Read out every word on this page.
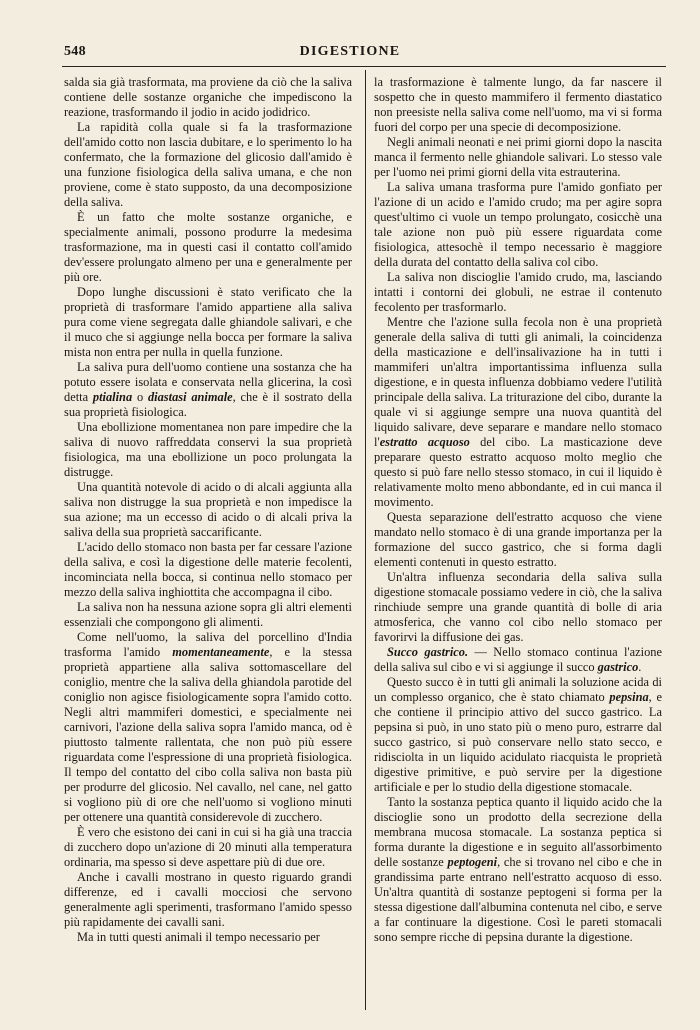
548	DIGESTIONE

salda sia già trasformata, ma proviene da ciò che la saliva contiene delle sostanze organiche che impediscono la reazione, trasformando il jodio in acido jodidrico.

La rapidità colla quale si fa la trasformazione dell'amido cotto non lascia dubitare, e lo sperimento lo ha confermato, che la formazione del glicosio dall'amido è una funzione fisiologica della saliva umana, e che non proviene, come è stato supposto, da una decomposizione della saliva.

È un fatto che molte sostanze organiche, e specialmente animali, possono produrre la medesima trasformazione, ma in questi casi il contatto coll'amido dev'essere prolungato almeno per una e generalmente per più ore.

Dopo lunghe discussioni è stato verificato che la proprietà di trasformare l'amido appartiene alla saliva pura come viene segregata dalle ghiandole salivari, e che il muco che si aggiunge nella bocca per formare la saliva mista non entra per nulla in quella funzione.

La saliva pura dell'uomo contiene una sostanza che ha potuto essere isolata e conservata nella glicerina, la così detta ptialina o diastasi animale, che è il sostrato della sua proprietà fisiologica.

Una ebollizione momentanea non pare impedire che la saliva di nuovo raffreddata conservi la sua proprietà fisiologica, ma una ebollizione un poco prolungata la distrugge.

Una quantità notevole di acido o di alcali aggiunta alla saliva non distrugge la sua proprietà e non impedisce la sua azione; ma un eccesso di acido o di alcali priva la saliva della sua proprietà saccarificante.

L'acido dello stomaco non basta per far cessare l'azione della saliva, e così la digestione delle materie fecolenti, incominciata nella bocca, si continua nello stomaco per mezzo della saliva inghiottita che accompagna il cibo.

La saliva non ha nessuna azione sopra gli altri elementi essenziali che compongono gli alimenti.

Come nell'uomo, la saliva del porcellino d'India trasforma l'amido momentaneamente, e la stessa proprietà appartiene alla saliva sottomascellare del coniglio, mentre che la saliva della ghiandola parotide del coniglio non agisce fisiologicamente sopra l'amido cotto. Negli altri mammiferi domestici, e specialmente nei carnivori, l'azione della saliva sopra l'amido manca, od è piuttosto talmente rallentata, che non può più essere riguardata come l'espressione di una proprietà fisiologica. Il tempo del contatto del cibo colla saliva non basta più per produrre del glicosio. Nel cavallo, nel cane, nel gatto si vogliono più di ore che nell'uomo si vogliono minuti per ottenere una quantità considerevole di zucchero.

È vero che esistono dei cani in cui si ha già una traccia di zucchero dopo un'azione di 20 minuti alla temperatura ordinaria, ma spesso si deve aspettare più di due ore.

Anche i cavalli mostrano in questo riguardo grandi differenze, ed i cavalli mocciosi che servono generalmente agli sperimenti, trasformano l'amido spesso più rapidamente dei cavalli sani.

Ma in tutti questi animali il tempo necessario per

la trasformazione è talmente lungo, da far nascere il sospetto che in questo mammifero il fermento diastatico non preesiste nella saliva come nell'uomo, ma vi si forma fuori del corpo per una specie di decomposizione.

Negli animali neonati e nei primi giorni dopo la nascita manca il fermento nelle ghiandole salivari. Lo stesso vale per l'uomo nei primi giorni della vita estrauterina.

La saliva umana trasforma pure l'amido gonfiato per l'azione di un acido e l'amido crudo; ma per agire sopra quest'ultimo ci vuole un tempo prolungato, cosicchè una tale azione non può più essere riguardata come fisiologica, attesochè il tempo necessario è maggiore della durata del contatto della saliva col cibo.

La saliva non discioglie l'amido crudo, ma, lasciando intatti i contorni dei globuli, ne estrae il contenuto fecolento per trasformarlo.

Mentre che l'azione sulla fecola non è una proprietà generale della saliva di tutti gli animali, la coincidenza della masticazione e dell'insalivazione ha in tutti i mammiferi un'altra importantissima influenza sulla digestione, e in questa influenza dobbiamo vedere l'utilità principale della saliva. La triturazione del cibo, durante la quale vi si aggiunge sempre una nuova quantità del liquido salivare, deve separare e mandare nello stomaco l'estratto acquoso del cibo. La masticazione deve preparare questo estratto acquoso molto meglio che questo si può fare nello stesso stomaco, in cui il liquido è relativamente molto meno abbondante, ed in cui manca il movimento.

Questa separazione dell'estratto acquoso che viene mandato nello stomaco è di una grande importanza per la formazione del succo gastrico, che si forma dagli elementi contenuti in questo estratto.

Un'altra influenza secondaria della saliva sulla digestione stomacale possiamo vedere in ciò, che la saliva rinchiude sempre una grande quantità di bolle di aria atmosferica, che vanno col cibo nello stomaco per favorirvi la diffusione dei gas.

Succo gastrico. — Nello stomaco continua l'azione della saliva sul cibo e vi si aggiunge il succo gastrico.

Questo succo è in tutti gli animali la soluzione acida di un complesso organico, che è stato chiamato pepsina, e che contiene il principio attivo del succo gastrico. La pepsina si può, in uno stato più o meno puro, estrarre dal succo gastrico, si può conservare nello stato secco, e ridisciolta in un liquido acidulato riacquista le proprietà digestive primitive, e può servire per la digestione artificiale e per lo studio della digestione stomacale.

Tanto la sostanza peptica quanto il liquido acido che la discioglie sono un prodotto della secrezione della membrana mucosa stomacale. La sostanza peptica si forma durante la digestione e in seguito all'assorbimento delle sostanze peptogeni, che si trovano nel cibo e che in grandissima parte entrano nell'estratto acquoso di esso. Un'altra quantità di sostanze peptogeni si forma per la stessa digestione dall'albumina contenuta nel cibo, e serve a far continuare la digestione. Così le pareti stomacali sono sempre ricche di pepsina durante la digestione.
